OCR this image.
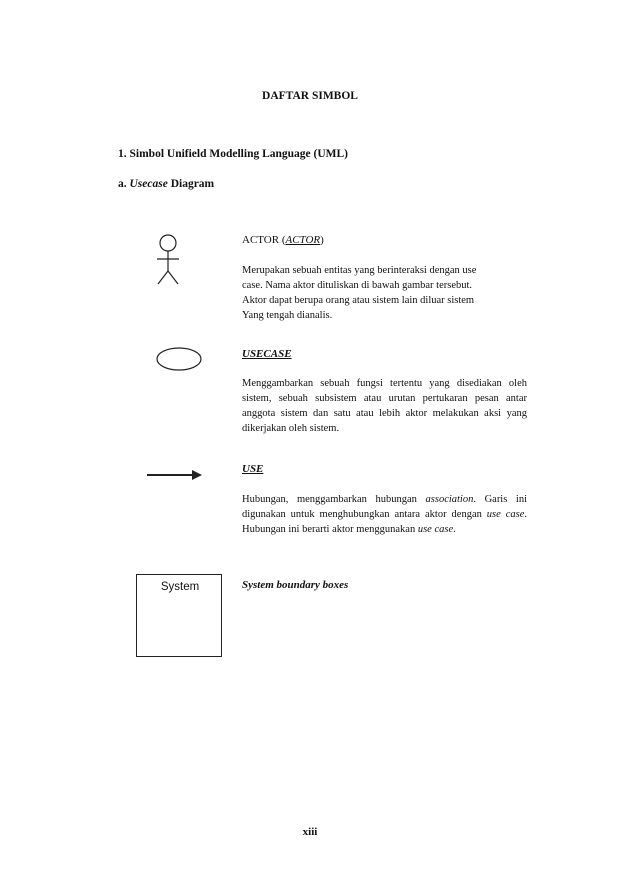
DAFTAR SIMBOL
1. Simbol Unifield Modelling Language (UML)
a. Usecase Diagram
ACTOR (ACTOR)
Merupakan sebuah entitas yang berinteraksi dengan use
case. Nama aktor dituliskan di bawah gambar tersebut.
Aktor dapat berupa orang atau sistem lain diluar sistem
Yang tengah dianalis.
USECASE
Menggambarkan sebuah fungsi tertentu yang disediakan oleh sistem, sebuah subsistem atau urutan pertukaran pesan antar anggota sistem dan satu atau lebih aktor melakukan aksi yang dikerjakan oleh sistem.
USE
Hubungan, menggambarkan hubungan association. Garis ini digunakan untuk menghubungkan antara aktor dengan use case. Hubungan ini berarti aktor menggunakan use case.
System	System boundary boxes
xiii
